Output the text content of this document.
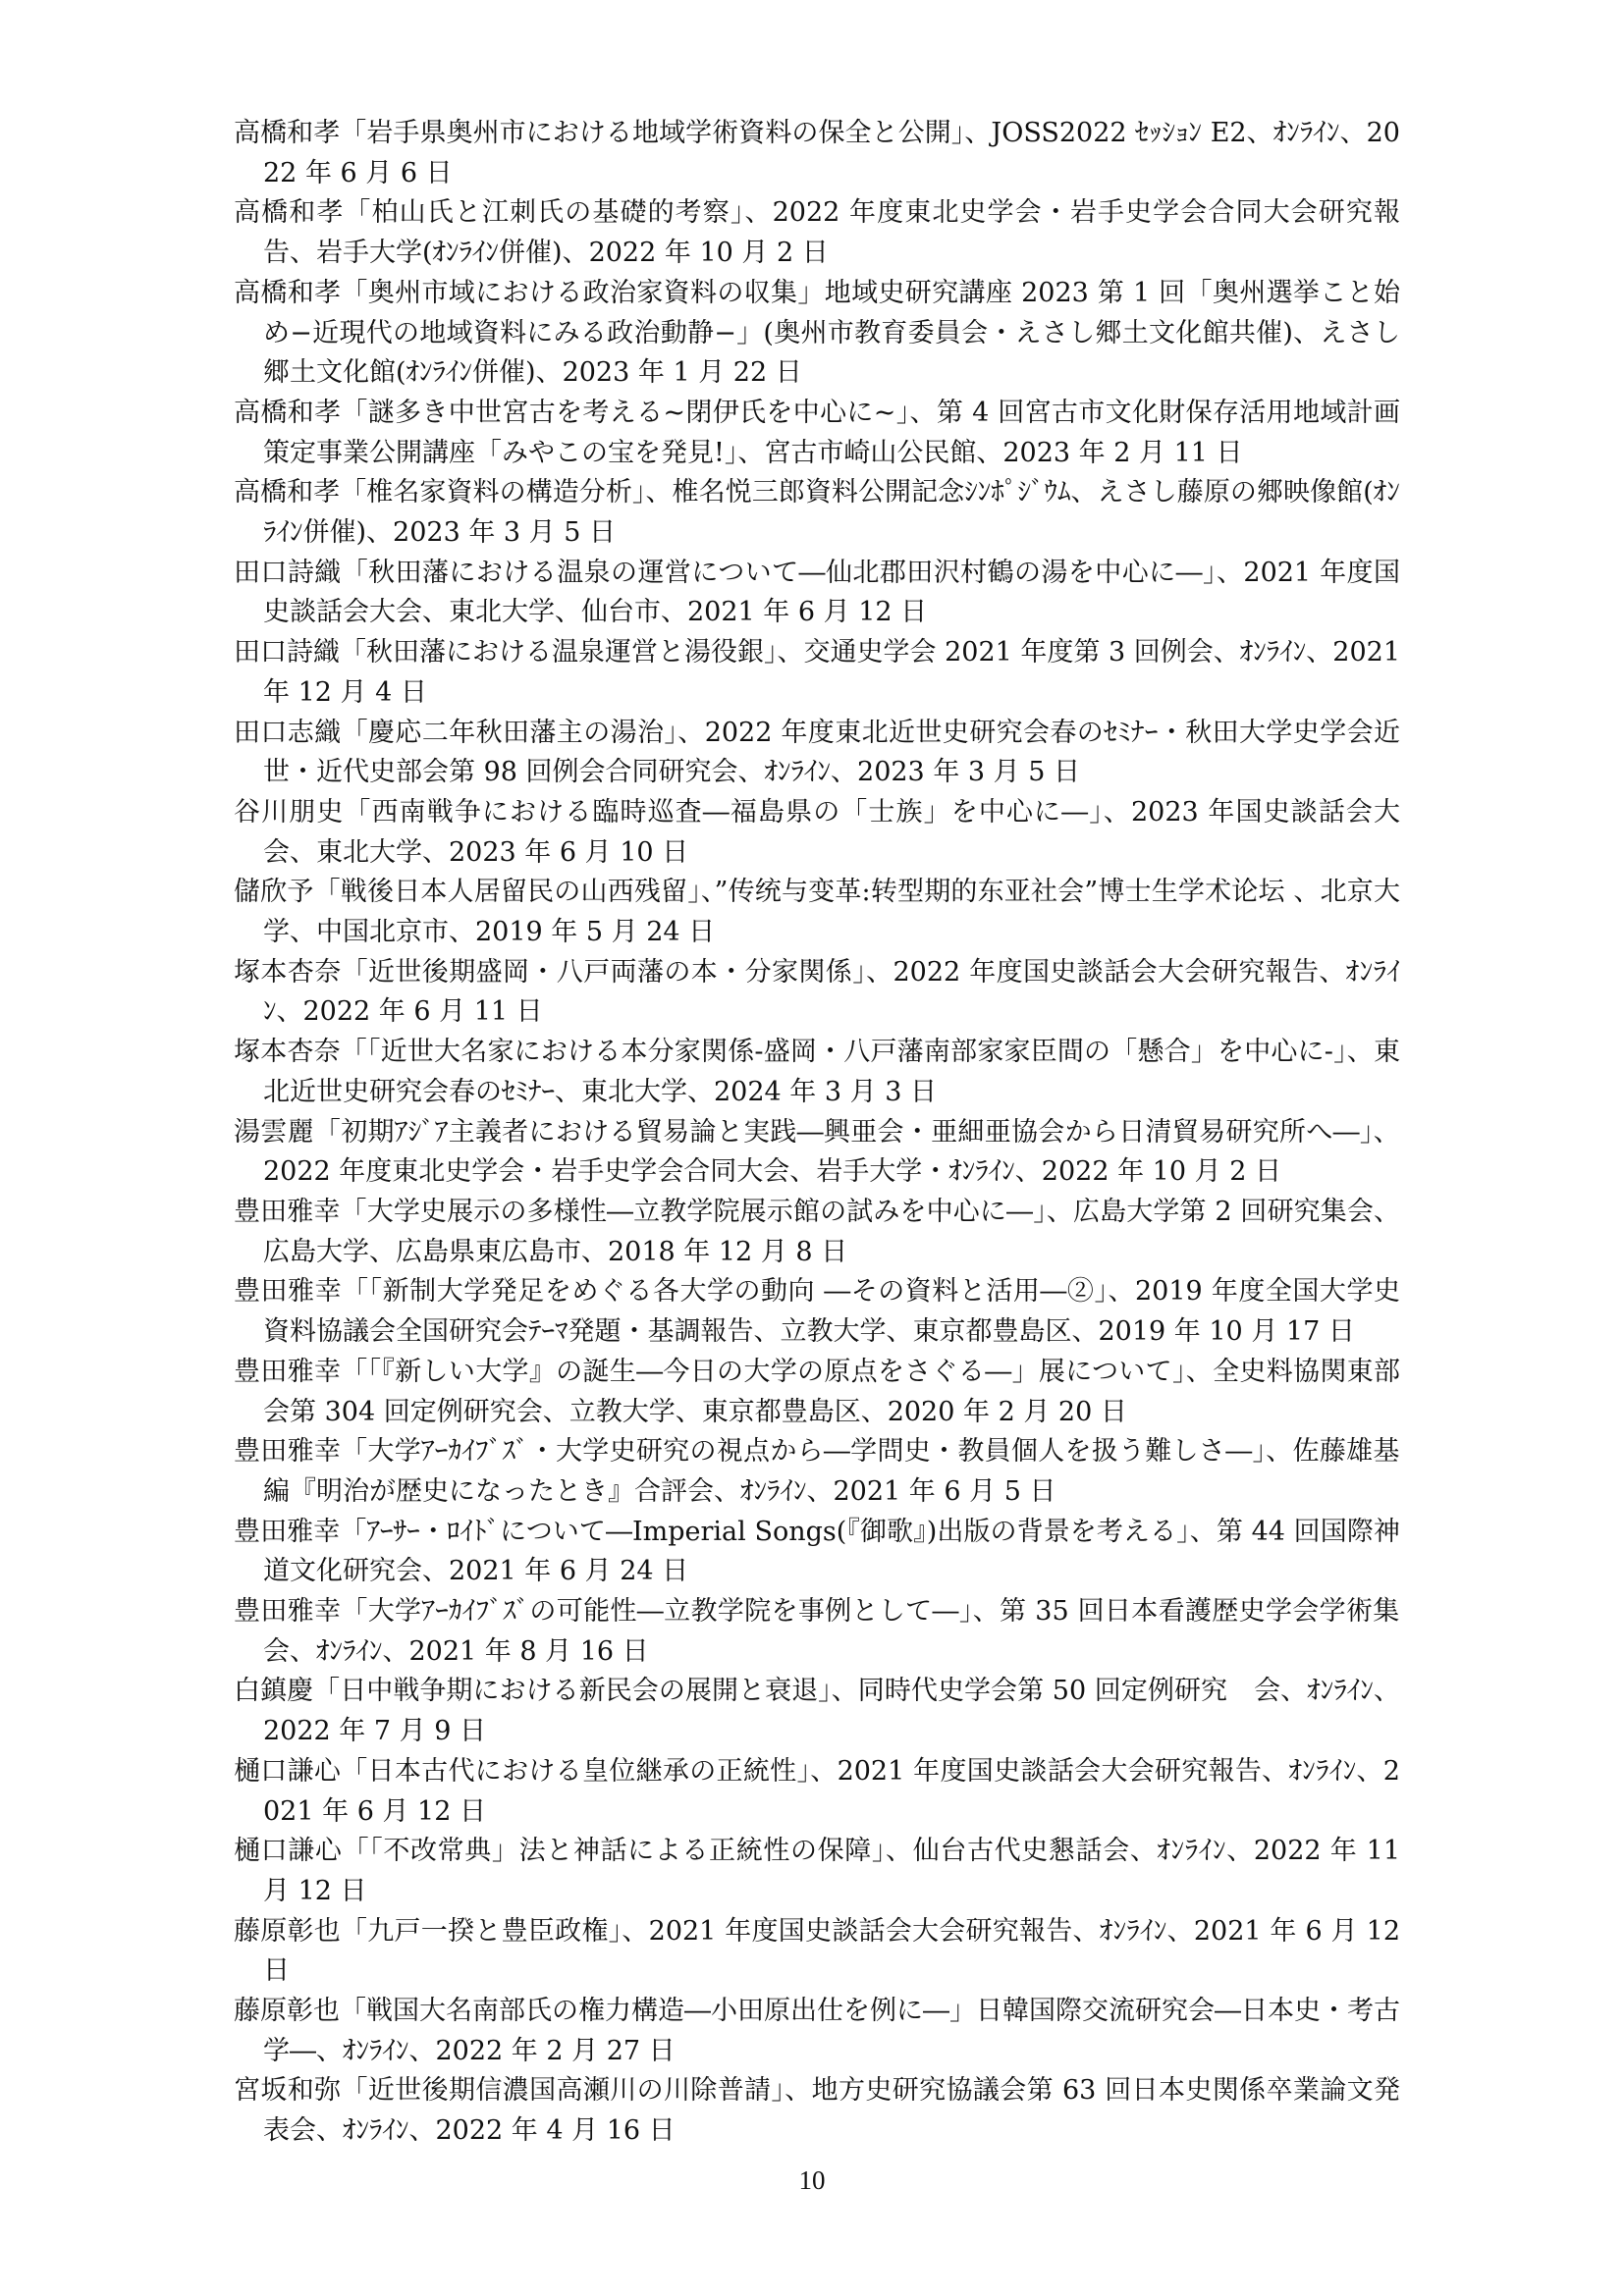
高橋和孝「岩手県奥州市における地域学術資料の保全と公開」、JOSS2022 ｾｯｼｮﾝ E2、ｵﾝﾗｲﾝ、2022 年 6 月 6 日
高橋和孝「柏山氏と江刺氏の基礎的考察」、2022 年度東北史学会・岩手史学会合同大会研究報告、岩手大学(ｵﾝﾗｲﾝ併催)、2022 年 10 月 2 日
高橋和孝「奥州市域における政治家資料の収集」地域史研究講座 2023 第 1 回「奥州選挙こと始め−近現代の地域資料にみる政治動静−」(奥州市教育委員会・えさし郷土文化館共催)、えさし郷土文化館(ｵﾝﾗｲﾝ併催)、2023 年 1 月 22 日
高橋和孝「謎多き中世宮古を考える~閉伊氏を中心に~」、第 4 回宮古市文化財保存活用地域計画策定事業公開講座「みやこの宝を発見!」、宮古市崎山公民館、2023 年 2 月 11 日
高橋和孝「椎名家資料の構造分析」、椎名悦三郎資料公開記念ｼﾝﾎﾟｼﾞｳﾑ、えさし藤原の郷映像館(ｵﾝﾗｲﾝ併催)、2023 年 3 月 5 日
田口詩織「秋田藩における温泉の運営について―仙北郡田沢村鶴の湯を中心に―」、2021 年度国史談話会大会、東北大学、仙台市、2021 年 6 月 12 日
田口詩織「秋田藩における温泉運営と湯役銀」、交通史学会 2021 年度第 3 回例会、ｵﾝﾗｲﾝ、2021 年 12 月 4 日
田口志織「慶応二年秋田藩主の湯治」、2022 年度東北近世史研究会春のｾﾐﾅｰ・秋田大学史学会近世・近代史部会第 98 回例会合同研究会、ｵﾝﾗｲﾝ、2023 年 3 月 5 日
谷川朋史「西南戦争における臨時巡査―福島県の「士族」を中心に―」、2023 年国史談話会大会、東北大学、2023 年 6 月 10 日
儲欣予「戦後日本人居留民の山西残留」、”传统与变革:转型期的东亚社会”博士生学术论坛 、北京大学、中国北京市、2019 年 5 月 24 日
塚本杏奈「近世後期盛岡・八戸両藩の本・分家関係」、2022 年度国史談話会大会研究報告、ｵﾝﾗｲﾝ、2022 年 6 月 11 日
塚本杏奈「「近世大名家における本分家関係-盛岡・八戸藩南部家家臣間の「懸合」を中心に-」、東北近世史研究会春のｾﾐﾅｰ、東北大学、2024 年 3 月 3 日
湯雲麗「初期ｱｼﾞｱ主義者における貿易論と実践―興亜会・亜細亜協会から日清貿易研究所へ―」、2022 年度東北史学会・岩手史学会合同大会、岩手大学・ｵﾝﾗｲﾝ、2022 年 10 月 2 日
豊田雅幸「大学史展示の多様性―立教学院展示館の試みを中心に―」、広島大学第 2 回研究集会、広島大学、広島県東広島市、2018 年 12 月 8 日
豊田雅幸「「新制大学発足をめぐる各大学の動向 ―その資料と活用―②」、2019 年度全国大学史資料協議会全国研究会ﾃｰﾏ発題・基調報告、立教大学、東京都豊島区、2019 年 10 月 17 日
豊田雅幸「「『新しい大学』の誕生―今日の大学の原点をさぐる―」展について」、全史料協関東部会第 304 回定例研究会、立教大学、東京都豊島区、2020 年 2 月 20 日
豊田雅幸「大学ｱｰｶｲﾌﾞｽﾞ・大学史研究の視点から―学問史・教員個人を扱う難しさ―」、佐藤雄基編『明治が歴史になったとき』合評会、ｵﾝﾗｲﾝ、2021 年 6 月 5 日
豊田雅幸「ｱｰｻｰ・ﾛｲﾄﾞについて―Imperial Songs(『御歌』)出版の背景を考える」、第 44 回国際神道文化研究会、2021 年 6 月 24 日
豊田雅幸「大学ｱｰｶｲﾌﾞｽﾞの可能性―立教学院を事例として―」、第 35 回日本看護歴史学会学術集会、ｵﾝﾗｲﾝ、2021 年 8 月 16 日
白鎮慶「日中戦争期における新民会の展開と衰退」、同時代史学会第 50 回定例研究　会、ｵﾝﾗｲﾝ、2022 年 7 月 9 日
樋口謙心「日本古代における皇位継承の正統性」、2021 年度国史談話会大会研究報告、ｵﾝﾗｲﾝ、2021 年 6 月 12 日
樋口謙心「「不改常典」法と神話による正統性の保障」、仙台古代史懇話会、ｵﾝﾗｲﾝ、2022 年 11 月 12 日
藤原彰也「九戸一揆と豊臣政権」、2021 年度国史談話会大会研究報告、ｵﾝﾗｲﾝ、2021 年 6 月 12 日
藤原彰也「戦国大名南部氏の権力構造―小田原出仕を例に―」日韓国際交流研究会―日本史・考古学―、ｵﾝﾗｲﾝ、2022 年 2 月 27 日
宮坂和弥「近世後期信濃国高瀬川の川除普請」、地方史研究協議会第 63 回日本史関係卒業論文発表会、ｵﾝﾗｲﾝ、2022 年 4 月 16 日
10
